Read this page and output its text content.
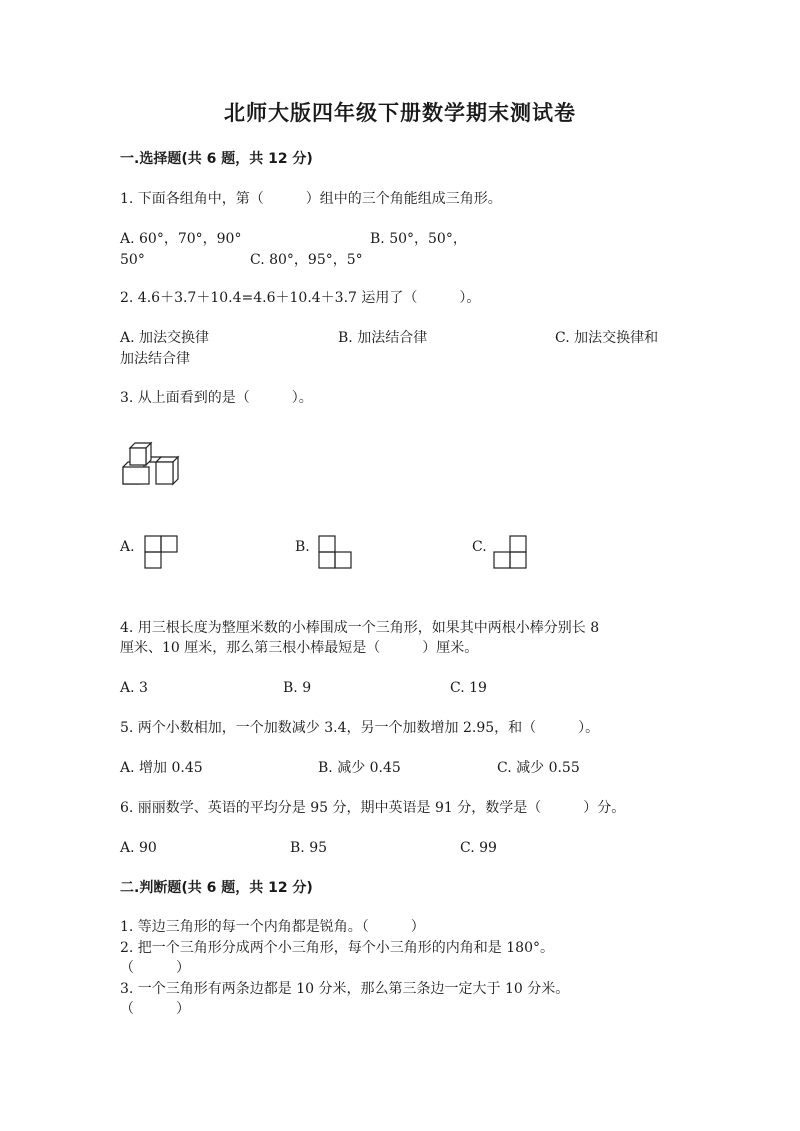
北师大版四年级下册数学期末测试卷
一.选择题(共 6 题，共 12 分)
1. 下面各组角中，第（　　　）组中的三个角能组成三角形。
A. 60°，70°，90°	B. 50°，50°，
50°	C. 80°，95°，5°
2. 4.6＋3.7＋10.4=4.6＋10.4＋3.7 运用了（　　　）。
A. 加法交换律	B. 加法结合律	C. 加法交换律和
加法结合律
3. 从上面看到的是（　　　）。
A.	B.	C.
4. 用三根长度为整厘米数的小棒围成一个三角形，如果其中两根小棒分别长 8
厘米、10 厘米，那么第三根小棒最短是（　　　）厘米。
A. 3	B. 9	C. 19
5. 两个小数相加，一个加数减少 3.4，另一个加数增加 2.95，和（　　　）。
A. 增加 0.45	B. 减少 0.45	C. 减少 0.55
6. 丽丽数学、英语的平均分是 95 分，期中英语是 91 分，数学是（　　　）分。
A. 90	B. 95	C. 99
二.判断题(共 6 题，共 12 分)
1. 等边三角形的每一个内角都是锐角。（　　　）
2. 把一个三角形分成两个小三角形，每个小三角形的内角和是 180°。
（　　　）
3. 一个三角形有两条边都是 10 分米，那么第三条边一定大于 10 分米。
（　　　）
